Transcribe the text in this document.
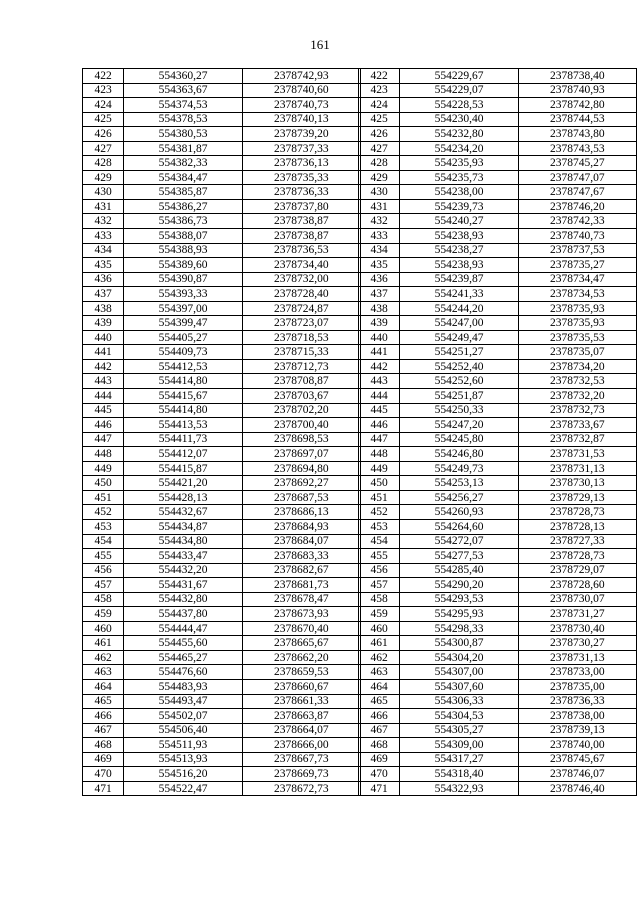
161
422	554360,27	2378742,93
423	554363,67	2378740,60
424	554374,53	2378740,73
425	554378,53	2378740,13
426	554380,53	2378739,20
427	554381,87	2378737,33
428	554382,33	2378736,13
429	554384,47	2378735,33
430	554385,87	2378736,33
431	554386,27	2378737,80
432	554386,73	2378738,87
433	554388,07	2378738,87
434	554388,93	2378736,53
435	554389,60	2378734,40
436	554390,87	2378732,00
437	554393,33	2378728,40
438	554397,00	2378724,87
439	554399,47	2378723,07
440	554405,27	2378718,53
441	554409,73	2378715,33
442	554412,53	2378712,73
443	554414,80	2378708,87
444	554415,67	2378703,67
445	554414,80	2378702,20
446	554413,53	2378700,40
447	554411,73	2378698,53
448	554412,07	2378697,07
449	554415,87	2378694,80
450	554421,20	2378692,27
451	554428,13	2378687,53
452	554432,67	2378686,13
453	554434,87	2378684,93
454	554434,80	2378684,07
455	554433,47	2378683,33
456	554432,20	2378682,67
457	554431,67	2378681,73
458	554432,80	2378678,47
459	554437,80	2378673,93
460	554444,47	2378670,40
461	554455,60	2378665,67
462	554465,27	2378662,20
463	554476,60	2378659,53
464	554483,93	2378660,67
465	554493,47	2378661,33
466	554502,07	2378663,87
467	554506,40	2378664,07
468	554511,93	2378666,00
469	554513,93	2378667,73
470	554516,20	2378669,73
471	554522,47	2378672,73
422	554229,67	2378738,40
423	554229,07	2378740,93
424	554228,53	2378742,80
425	554230,40	2378744,53
426	554232,80	2378743,80
427	554234,20	2378743,53
428	554235,93	2378745,27
429	554235,73	2378747,07
430	554238,00	2378747,67
431	554239,73	2378746,20
432	554240,27	2378742,33
433	554238,93	2378740,73
434	554238,27	2378737,53
435	554238,93	2378735,27
436	554239,87	2378734,47
437	554241,33	2378734,53
438	554244,20	2378735,93
439	554247,00	2378735,93
440	554249,47	2378735,53
441	554251,27	2378735,07
442	554252,40	2378734,20
443	554252,60	2378732,53
444	554251,87	2378732,20
445	554250,33	2378732,73
446	554247,20	2378733,67
447	554245,80	2378732,87
448	554246,80	2378731,53
449	554249,73	2378731,13
450	554253,13	2378730,13
451	554256,27	2378729,13
452	554260,93	2378728,73
453	554264,60	2378728,13
454	554272,07	2378727,33
455	554277,53	2378728,73
456	554285,40	2378729,07
457	554290,20	2378728,60
458	554293,53	2378730,07
459	554295,93	2378731,27
460	554298,33	2378730,40
461	554300,87	2378730,27
462	554304,20	2378731,13
463	554307,00	2378733,00
464	554307,60	2378735,00
465	554306,33	2378736,33
466	554304,53	2378738,00
467	554305,27	2378739,13
468	554309,00	2378740,00
469	554317,27	2378745,67
470	554318,40	2378746,07
471	554322,93	2378746,40
